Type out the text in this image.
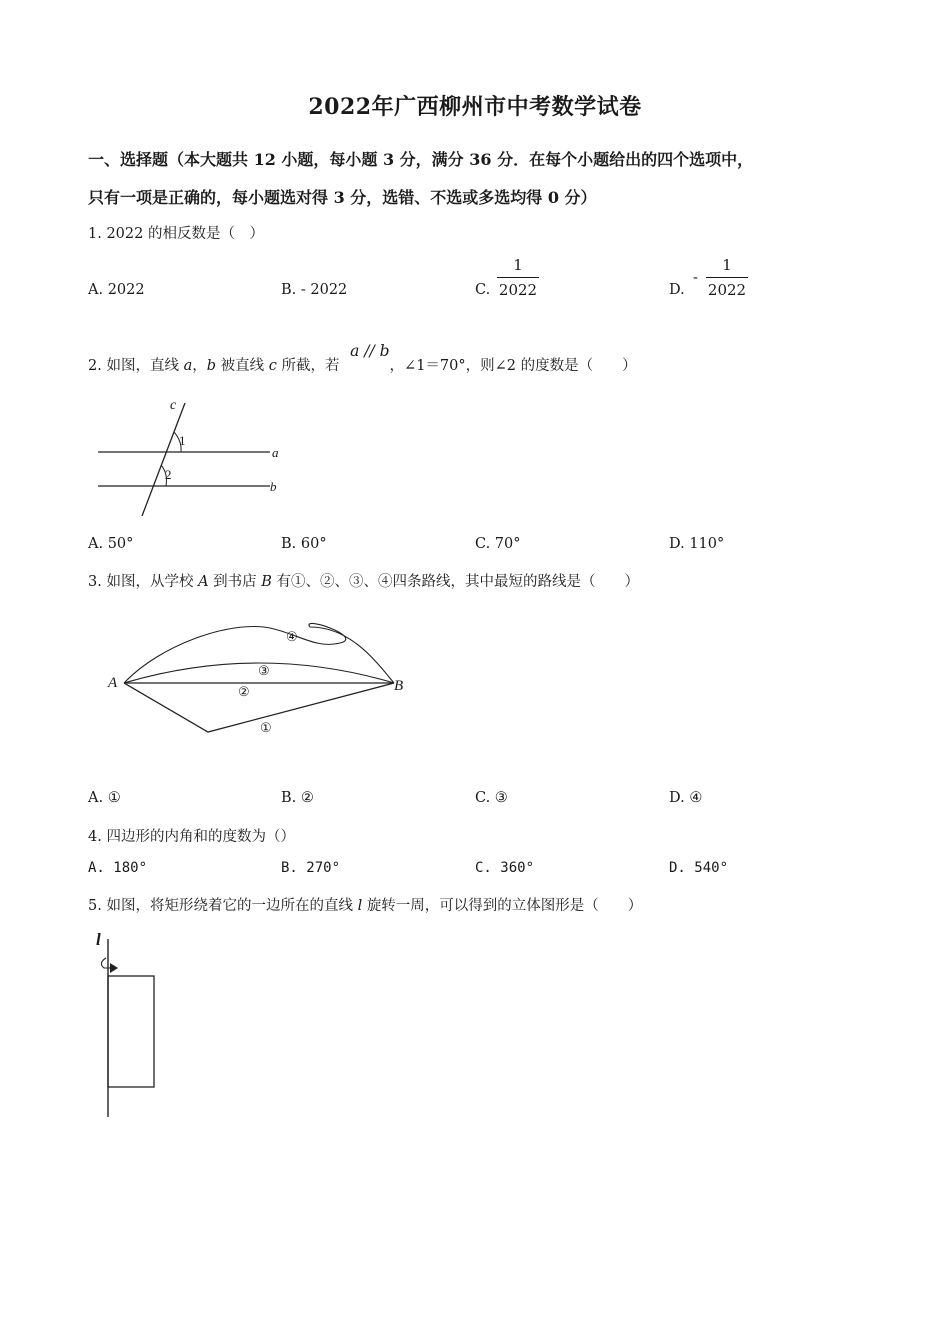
2022年广西柳州市中考数学试卷
一、选择题（本大题共 12 小题，每小题 3 分，满分 36 分．在每个小题给出的四个选项中，
只有一项是正确的，每小题选对得 3 分，选错、不选或多选均得 0 分）
1. 2022 的相反数是（　）
A. 2022	B. - 2022	C.
1
2022	D.
-
1
2022
2. 如图，直线 a，b 被直线 c 所截，若 a // b，∠1＝70°，则∠2 的度数是（　　）
c
a
b
1
2
A. 50°	B. 60°	C. 70°	D. 110°
3. 如图，从学校 A 到书店 B 有①、②、③、④四条路线，其中最短的路线是（　　）
A	B
④
③
②
①
A. ①	B. ②	C. ③	D. ④
4. 四边形的内角和的度数为（）
A. 180°	B. 270°	C. 360°	D. 540°
5. 如图，将矩形绕着它的一边所在的直线 l 旋转一周，可以得到的立体图形是（　　）
l
